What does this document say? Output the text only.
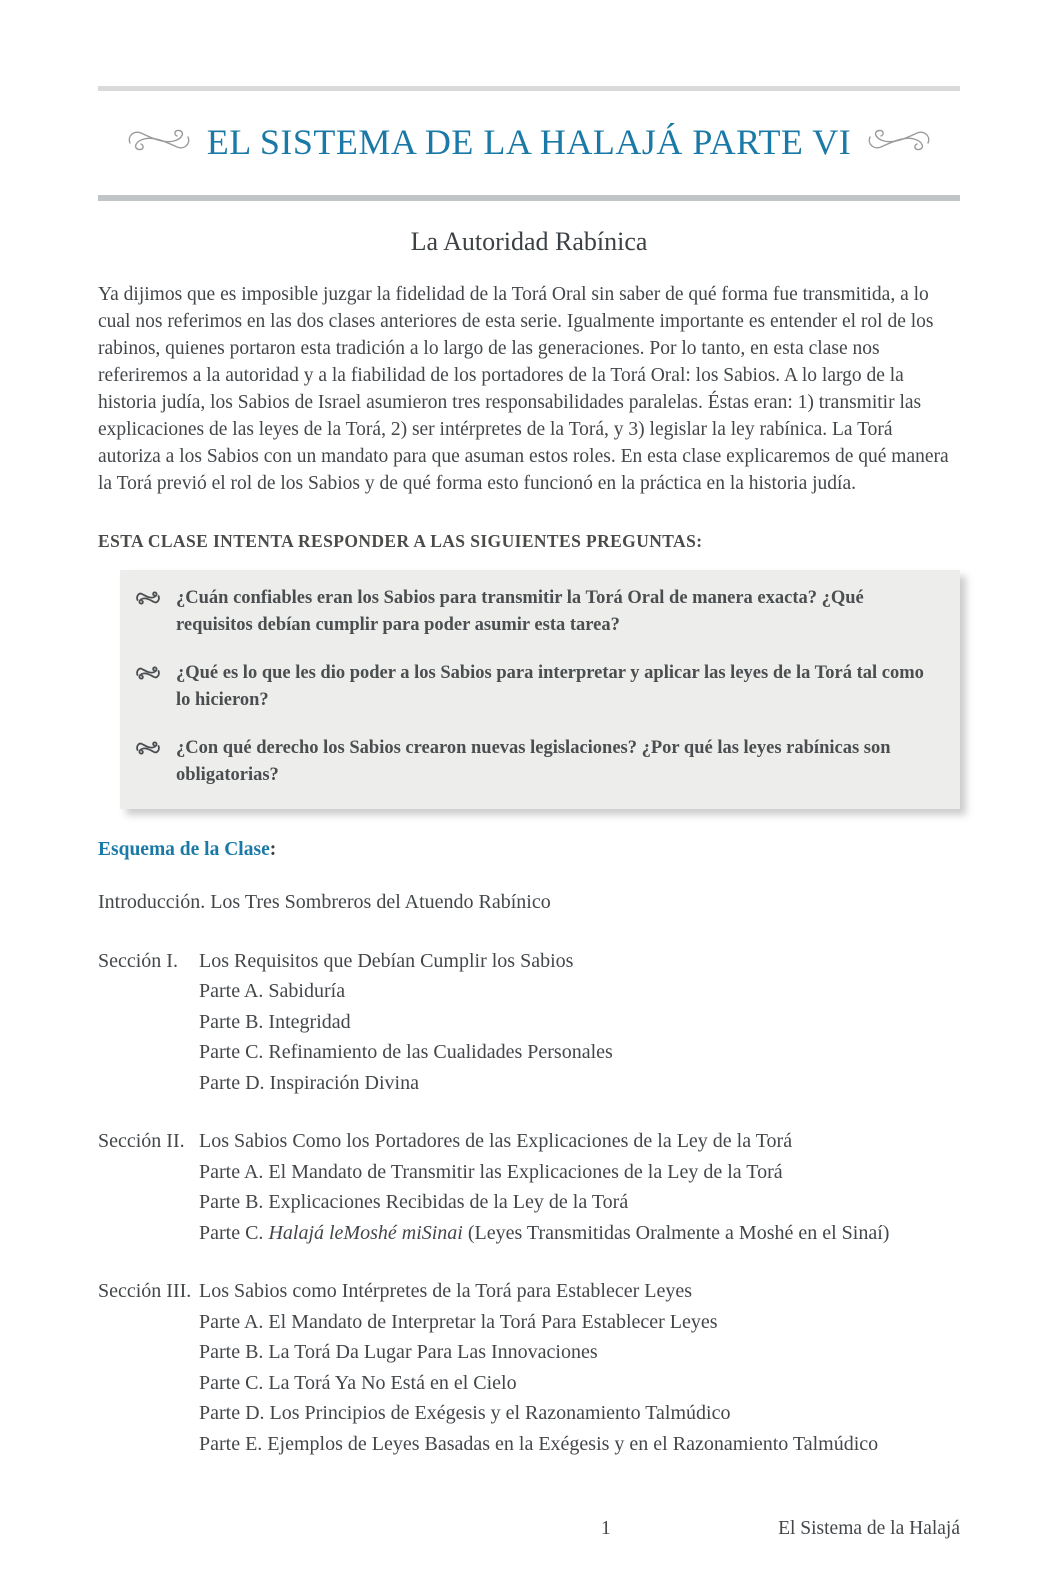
EL SISTEMA DE LA HALAJÁ PARTE VI
La Autoridad Rabínica

Ya dijimos que es imposible juzgar la fidelidad de la Torá Oral sin saber de qué forma fue transmitida, a lo cual nos referimos en las dos clases anteriores de esta serie. Igualmente importante es entender el rol de los rabinos, quienes portaron esta tradición a lo largo de las generaciones. Por lo tanto, en esta clase nos referiremos a la autoridad y a la fiabilidad de los portadores de la Torá Oral: los Sabios. A lo largo de la historia judía, los Sabios de Israel asumieron tres responsabilidades paralelas. Éstas eran: 1) transmitir las explicaciones de las leyes de la Torá, 2) ser intérpretes de la Torá, y 3) legislar la ley rabínica. La Torá autoriza a los Sabios con un mandato para que asuman estos roles. En esta clase explicaremos de qué manera la Torá previó el rol de los Sabios y de qué forma esto funcionó en la práctica en la historia judía.

ESTA CLASE INTENTA RESPONDER A LAS SIGUIENTES PREGUNTAS:
¿Cuán confiables eran los Sabios para transmitir la Torá Oral de manera exacta? ¿Qué requisitos debían cumplir para poder asumir esta tarea?
¿Qué es lo que les dio poder a los Sabios para interpretar y aplicar las leyes de la Torá tal como lo hicieron?
¿Con qué derecho los Sabios crearon nuevas legislaciones? ¿Por qué las leyes rabínicas son obligatorias?
Esquema de la Clase:
Introducción. Los Tres Sombreros del Atuendo Rabínico
Sección I.	Los Requisitos que Debían Cumplir los Sabios
Parte A. Sabiduría
Parte B. Integridad
Parte C. Refinamiento de las Cualidades Personales
Parte D. Inspiración Divina
Sección II. Los Sabios Como los Portadores de las Explicaciones de la Ley de la Torá
Parte A. El Mandato de Transmitir las Explicaciones de la Ley de la Torá
Parte B. Explicaciones Recibidas de la Ley de la Torá
Parte C. Halajá leMoshé miSinai (Leyes Transmitidas Oralmente a Moshé en el Sinaí)
Sección III. Los Sabios como Intérpretes de la Torá para Establecer Leyes
Parte A. El Mandato de Interpretar la Torá Para Establecer Leyes
Parte B. La Torá Da Lugar Para Las Innovaciones
Parte C. La Torá Ya No Está en el Cielo
Parte D. Los Principios de Exégesis y el Razonamiento Talmúdico
Parte E. Ejemplos de Leyes Basadas en la Exégesis y en el Razonamiento Talmúdico
1	El Sistema de la Halajá
